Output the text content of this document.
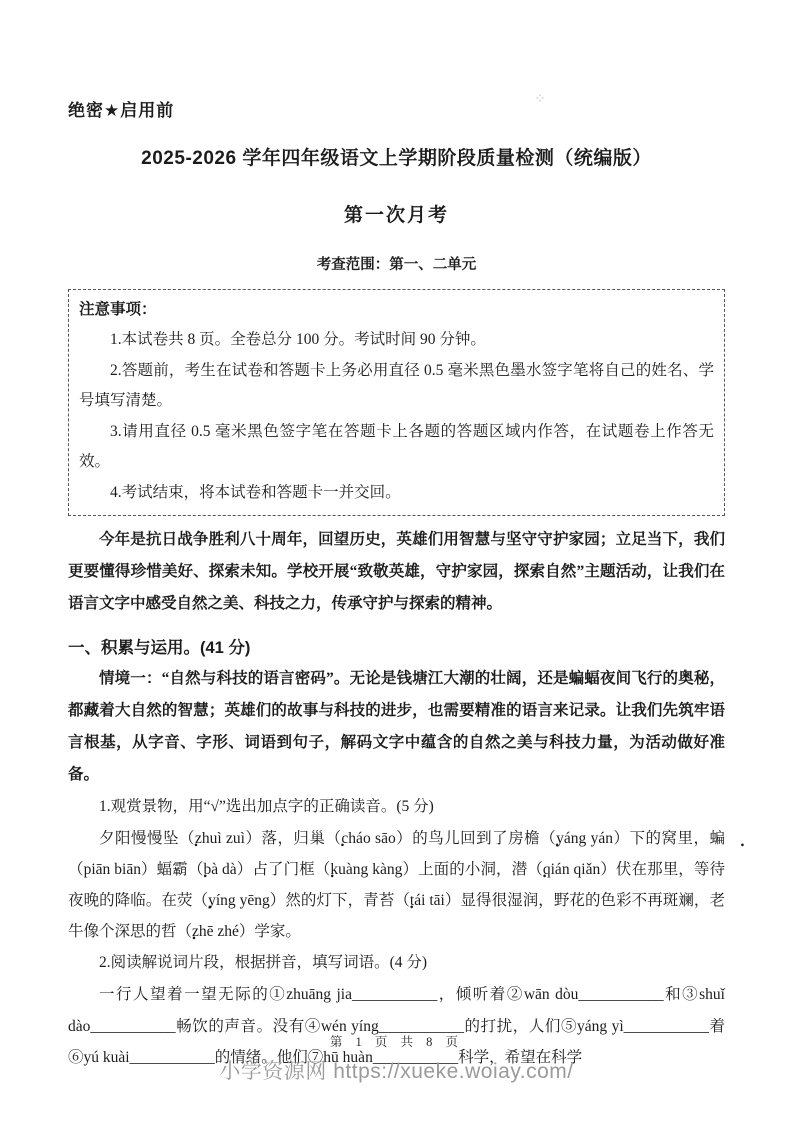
绝密★启用前
2025-2026 学年四年级语文上学期阶段质量检测（统编版）
第一次月考
考查范围：第一、二单元
注意事项：

1.本试卷共 8 页。全卷总分 100 分。考试时间 90 分钟。

2.答题前，考生在试卷和答题卡上务必用直径 0.5 毫米黑色墨水签字笔将自己的姓名、学号填写清楚。

3.请用直径 0.5 毫米黑色签字笔在答题卡上各题的答题区域内作答，在试题卷上作答无效。

4.考试结束，将本试卷和答题卡一并交回。

今年是抗日战争胜利八十周年，回望历史，英雄们用智慧与坚守守护家园；立足当下，我们更要懂得珍惜美好、探索未知。学校开展“致敬英雄，守护家园，探索自然”主题活动，让我们在语言文字中感受自然之美、科技之力，传承守护与探索的精神。

一、积累与运用。(41 分)

情境一：“自然与科技的语言密码”。无论是钱塘江大潮的壮阔，还是蝙蝠夜间飞行的奥秘，都藏着大自然的智慧；英雄们的故事与科技的进步，也需要精准的语言来记录。让我们先筑牢语言根基，从字音、字形、词语到句子，解码文字中蕴含的自然之美与科技力量，为活动做好准备。

1.观赏景物，用“√”选出加点字的正确读音。(5 分)

夕阳慢慢坠（zhuì zuì）落，归巢（cháo sāo）的鸟儿回到了房檐（yáng yán）下的窝里，蝙（piān biān）蝠霸（bà dà）占了门框（kuàng kàng）上面的小洞，潜（qián qiǎn）伏在那里，等待夜晚的降临。在荧（yíng yēng）然的灯下，青苔（tái tāi）显得很湿润，野花的色彩不再斑斓，老牛像个深思的哲（zhē zhé）学家。

2.阅读解说词片段，根据拼音，填写词语。(4 分)

一行人望着一望无际的①zhuāng jia___________，倾听着②wān dòu___________和③shuǐ dào___________畅饮的声音。没有④wén yíng___________的打扰，人们⑤yáng yì___________着⑥yú kuài___________的情绪。他们⑦hū huàn___________科学，希望在科学

第 1 页 共 8 页
小学资源网 https://xueke.woiay.com/
